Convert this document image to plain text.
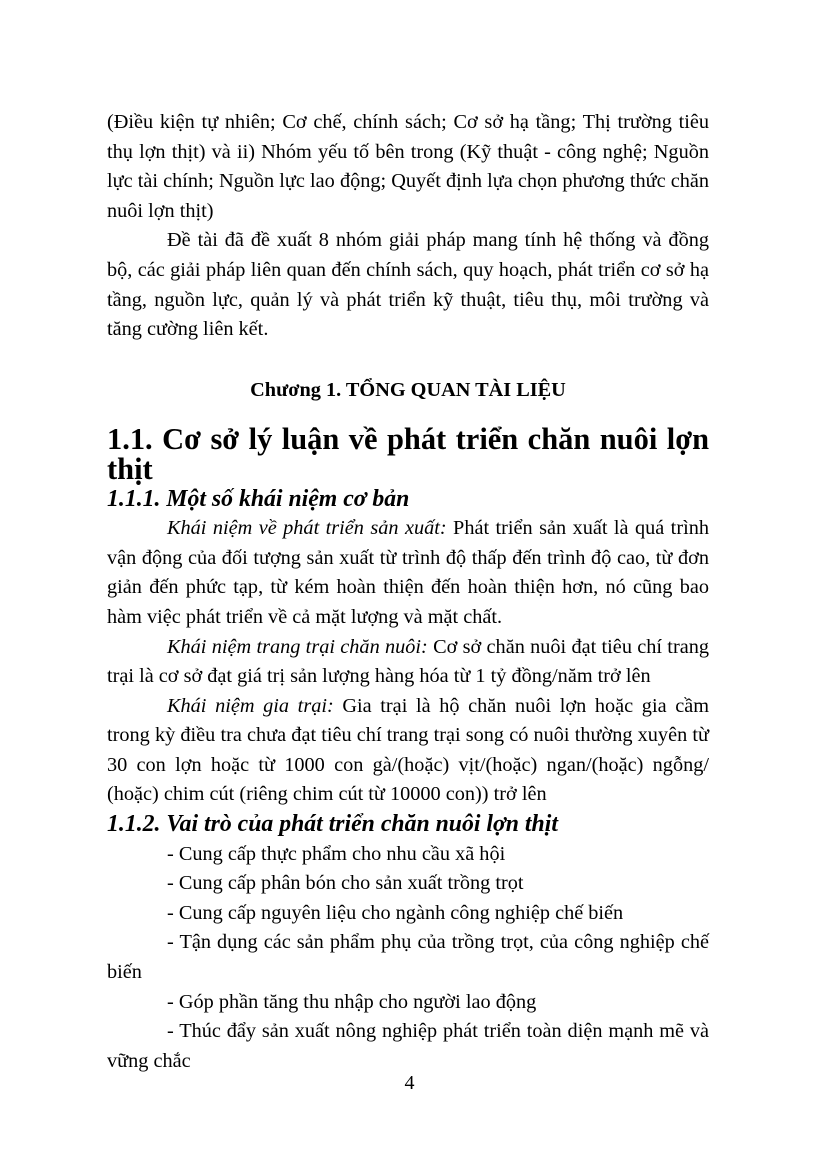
(Điều kiện tự nhiên; Cơ chế, chính sách; Cơ sở hạ tầng; Thị trường tiêu thụ lợn thịt) và ii) Nhóm yếu tố bên trong (Kỹ thuật - công nghệ; Nguồn lực tài chính; Nguồn lực lao động; Quyết định lựa chọn phương thức chăn nuôi lợn thịt)

Đề tài đã đề xuất 8 nhóm giải pháp mang tính hệ thống và đồng bộ, các giải pháp liên quan đến chính sách, quy hoạch, phát triển cơ sở hạ tầng, nguồn lực, quản lý và phát triển kỹ thuật, tiêu thụ, môi trường và tăng cường liên kết.

Chương 1. TỔNG QUAN TÀI LIỆU
1.1. Cơ sở lý luận về phát triển chăn nuôi lợn thịt
1.1.1. Một số khái niệm cơ bản

Khái niệm về phát triển sản xuất: Phát triển sản xuất là quá trình vận động của đối tượng sản xuất từ trình độ thấp đến trình độ cao, từ đơn giản đến phức tạp, từ kém hoàn thiện đến hoàn thiện hơn, nó cũng bao hàm việc phát triển về cả mặt lượng và mặt chất.

Khái niệm trang trại chăn nuôi: Cơ sở chăn nuôi đạt tiêu chí trang trại là cơ sở đạt giá trị sản lượng hàng hóa từ 1 tỷ đồng/năm trở lên

Khái niệm gia trại: Gia trại là hộ chăn nuôi lợn hoặc gia cầm trong kỳ điều tra chưa đạt tiêu chí trang trại song có nuôi thường xuyên từ 30 con lợn hoặc từ 1000 con gà/(hoặc) vịt/(hoặc) ngan/(hoặc) ngỗng/ (hoặc) chim cút (riêng chim cút từ 10000 con)) trở lên

1.1.2. Vai trò của phát triển chăn nuôi lợn thịt

- Cung cấp thực phẩm cho nhu cầu xã hội

- Cung cấp phân bón cho sản xuất trồng trọt

- Cung cấp nguyên liệu cho ngành công nghiệp chế biến

- Tận dụng các sản phẩm phụ của trồng trọt, của công nghiệp chế biến

- Góp phần tăng thu nhập cho người lao động

- Thúc đẩy sản xuất nông nghiệp phát triển toàn diện mạnh mẽ và vững chắc

4
